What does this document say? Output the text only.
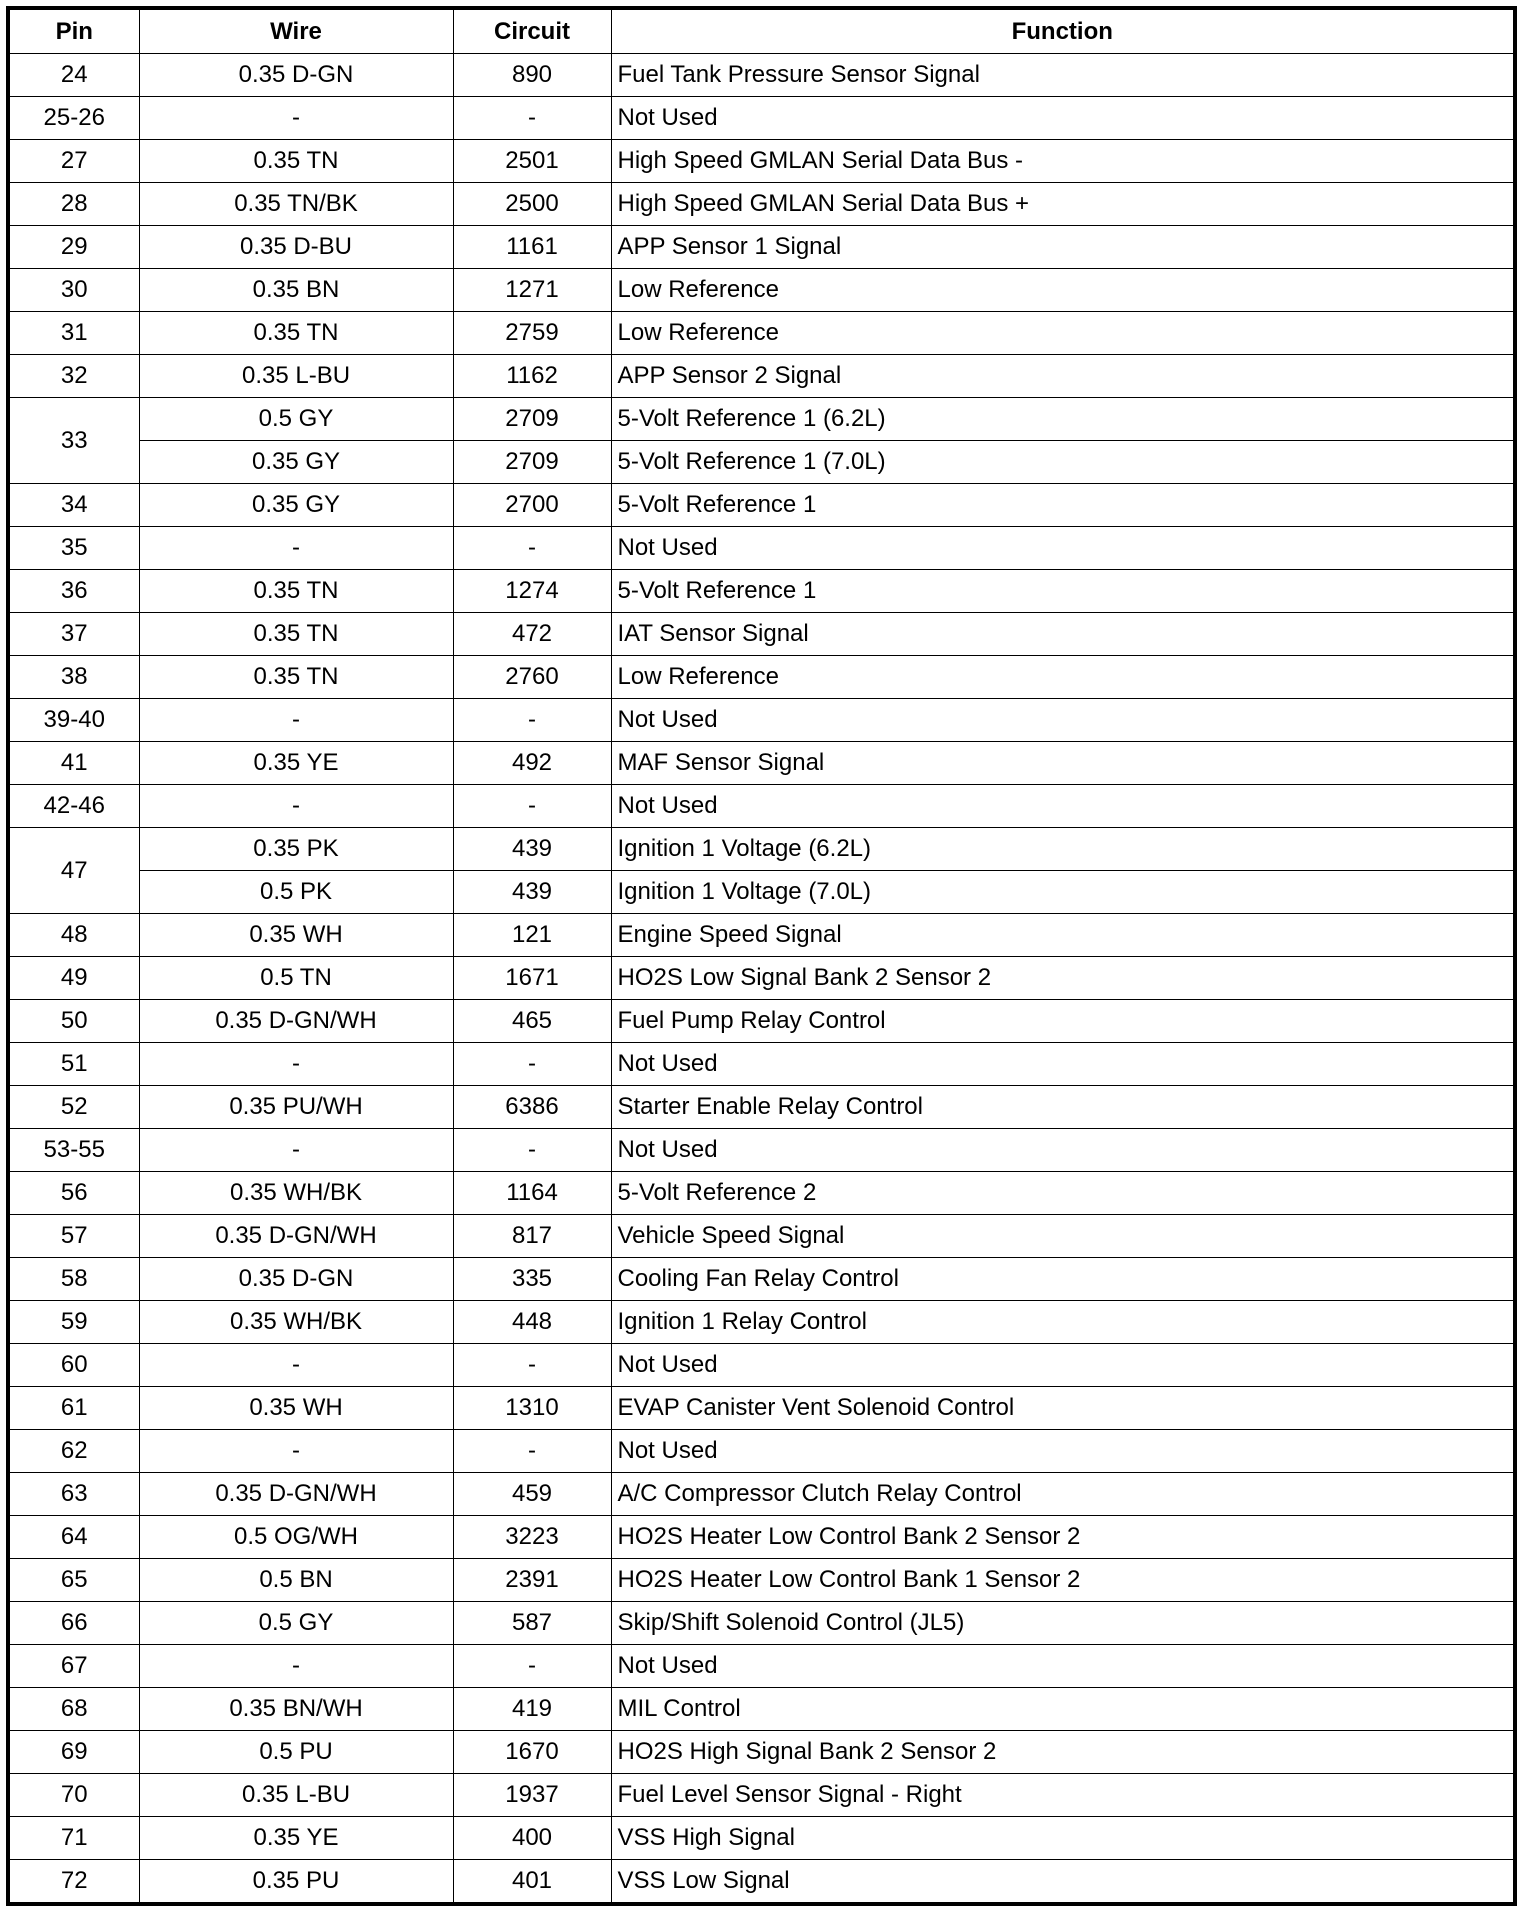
Pin	Wire	Circuit	Function
24	0.35 D-GN	890	Fuel Tank Pressure Sensor Signal
25-26	-	-	Not Used
27	0.35 TN	2501	High Speed GMLAN Serial Data Bus -
28	0.35 TN/BK	2500	High Speed GMLAN Serial Data Bus +
29	0.35 D-BU	1161	APP Sensor 1 Signal
30	0.35 BN	1271	Low Reference
31	0.35 TN	2759	Low Reference
32	0.35 L-BU	1162	APP Sensor 2 Signal
33	0.5 GY	2709	5-Volt Reference 1 (6.2L)
	0.35 GY	2709	5-Volt Reference 1 (7.0L)
34	0.35 GY	2700	5-Volt Reference 1
35	-	-	Not Used
36	0.35 TN	1274	5-Volt Reference 1
37	0.35 TN	472	IAT Sensor Signal
38	0.35 TN	2760	Low Reference
39-40	-	-	Not Used
41	0.35 YE	492	MAF Sensor Signal
42-46	-	-	Not Used
47	0.35 PK	439	Ignition 1 Voltage (6.2L)
	0.5 PK	439	Ignition 1 Voltage (7.0L)
48	0.35 WH	121	Engine Speed Signal
49	0.5 TN	1671	HO2S Low Signal Bank 2 Sensor 2
50	0.35 D-GN/WH	465	Fuel Pump Relay Control
51	-	-	Not Used
52	0.35 PU/WH	6386	Starter Enable Relay Control
53-55	-	-	Not Used
56	0.35 WH/BK	1164	5-Volt Reference 2
57	0.35 D-GN/WH	817	Vehicle Speed Signal
58	0.35 D-GN	335	Cooling Fan Relay Control
59	0.35 WH/BK	448	Ignition 1 Relay Control
60	-	-	Not Used
61	0.35 WH	1310	EVAP Canister Vent Solenoid Control
62	-	-	Not Used
63	0.35 D-GN/WH	459	A/C Compressor Clutch Relay Control
64	0.5 OG/WH	3223	HO2S Heater Low Control Bank 2 Sensor 2
65	0.5 BN	2391	HO2S Heater Low Control Bank 1 Sensor 2
66	0.5 GY	587	Skip/Shift Solenoid Control (JL5)
67	-	-	Not Used
68	0.35 BN/WH	419	MIL Control
69	0.5 PU	1670	HO2S High Signal Bank 2 Sensor 2
70	0.35 L-BU	1937	Fuel Level Sensor Signal - Right
71	0.35 YE	400	VSS High Signal
72	0.35 PU	401	VSS Low Signal
